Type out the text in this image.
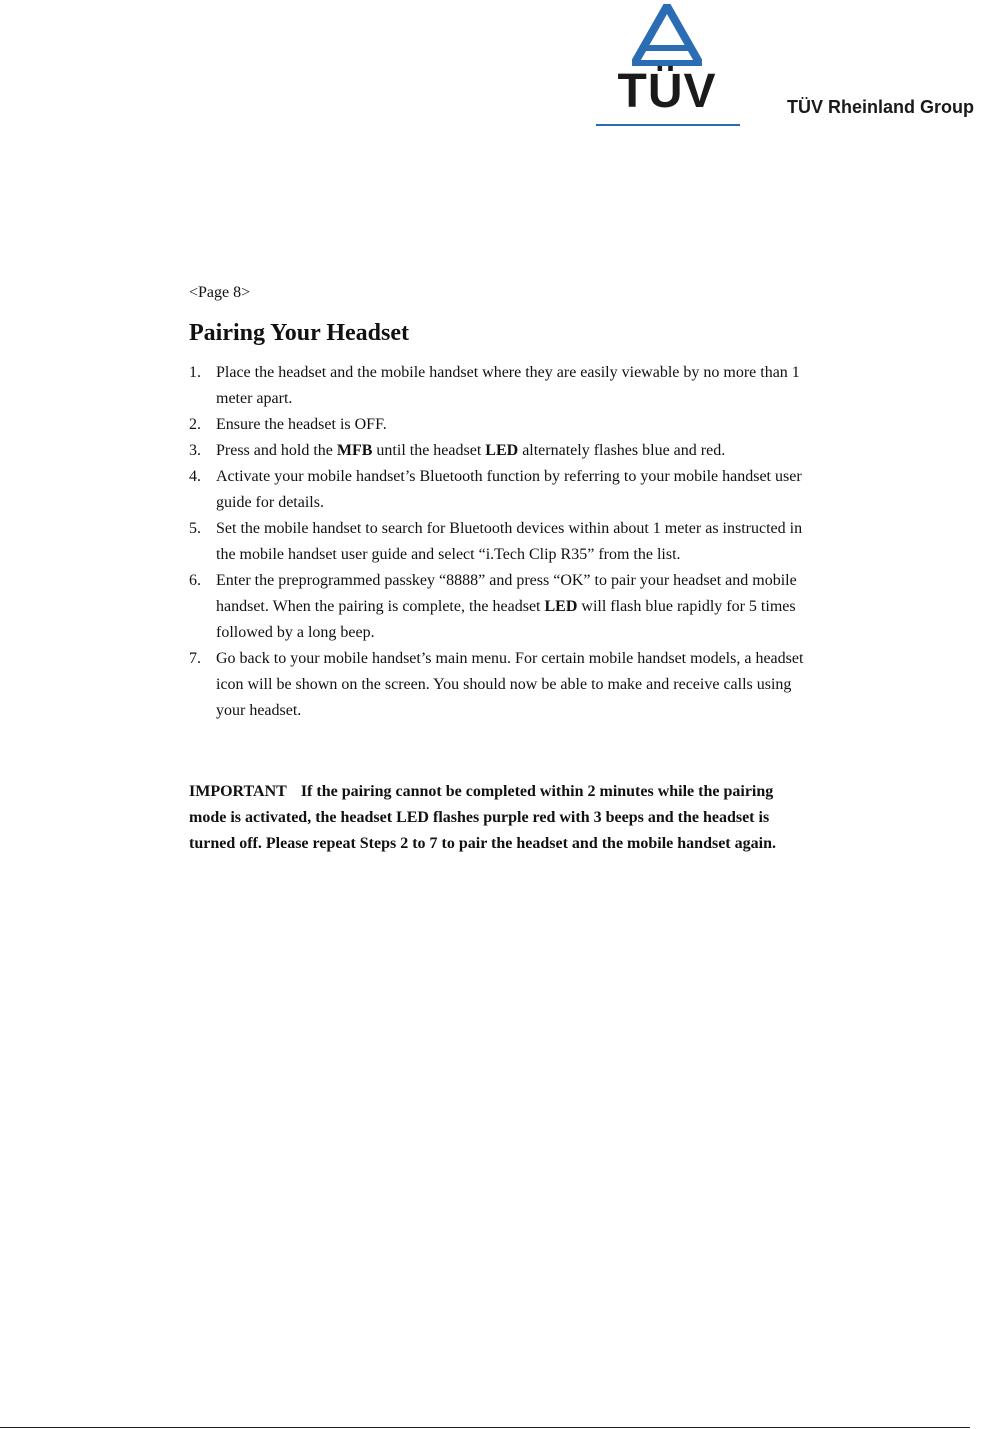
TÜV	TÜV Rheinland Group
<Page 8>
Pairing Your Headset
1. Place the headset and the mobile handset where they are easily viewable by no more than 1 meter apart.
2. Ensure the headset is OFF.
3. Press and hold the MFB until the headset LED alternately flashes blue and red.
4. Activate your mobile handset’s Bluetooth function by referring to your mobile handset user guide for details.
5. Set the mobile handset to search for Bluetooth devices within about 1 meter as instructed in the mobile handset user guide and select “i.Tech Clip R35” from the list.
6. Enter the preprogrammed passkey “8888” and press “OK” to pair your headset and mobile handset. When the pairing is complete, the headset LED will flash blue rapidly for 5 times followed by a long beep.
7. Go back to your mobile handset’s main menu. For certain mobile handset models, a headset icon will be shown on the screen. You should now be able to make and receive calls using your headset.

IMPORTANT If the pairing cannot be completed within 2 minutes while the pairing mode is activated, the headset LED flashes purple red with 3 beeps and the headset is turned off. Please repeat Steps 2 to 7 to pair the headset and the mobile handset again.
